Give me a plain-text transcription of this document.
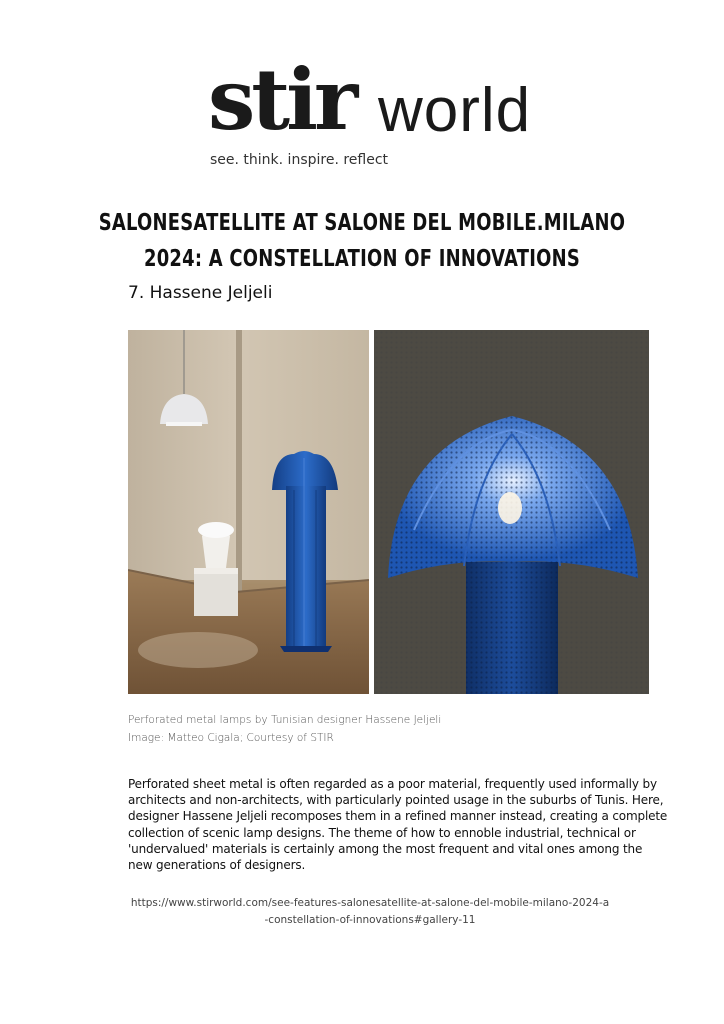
stir world
see. think. inspire. reflect
SALONESATELLITE AT SALONE DEL MOBILE.MILANO
2024: A CONSTELLATION OF INNOVATIONS
7. Hassene Jeljeli
Perforated metal lamps by Tunisian designer Hassene Jeljeli
Image: Matteo Cigala; Courtesy of STIR
Perforated sheet metal is often regarded as a poor material, frequently used informally by architects and non-architects, with particularly pointed usage in the suburbs of Tunis. Here, designer Hassene Jeljeli recomposes them in a refined manner instead, creating a complete collection of scenic lamp designs. The theme of how to ennoble industrial, technical or 'undervalued' materials is certainly among the most frequent and vital ones among the new generations of designers.
https://www.stirworld.com/see-features-salonesatellite-at-salone-del-mobile-milano-2024-a
-constellation-of-innovations#gallery-11
